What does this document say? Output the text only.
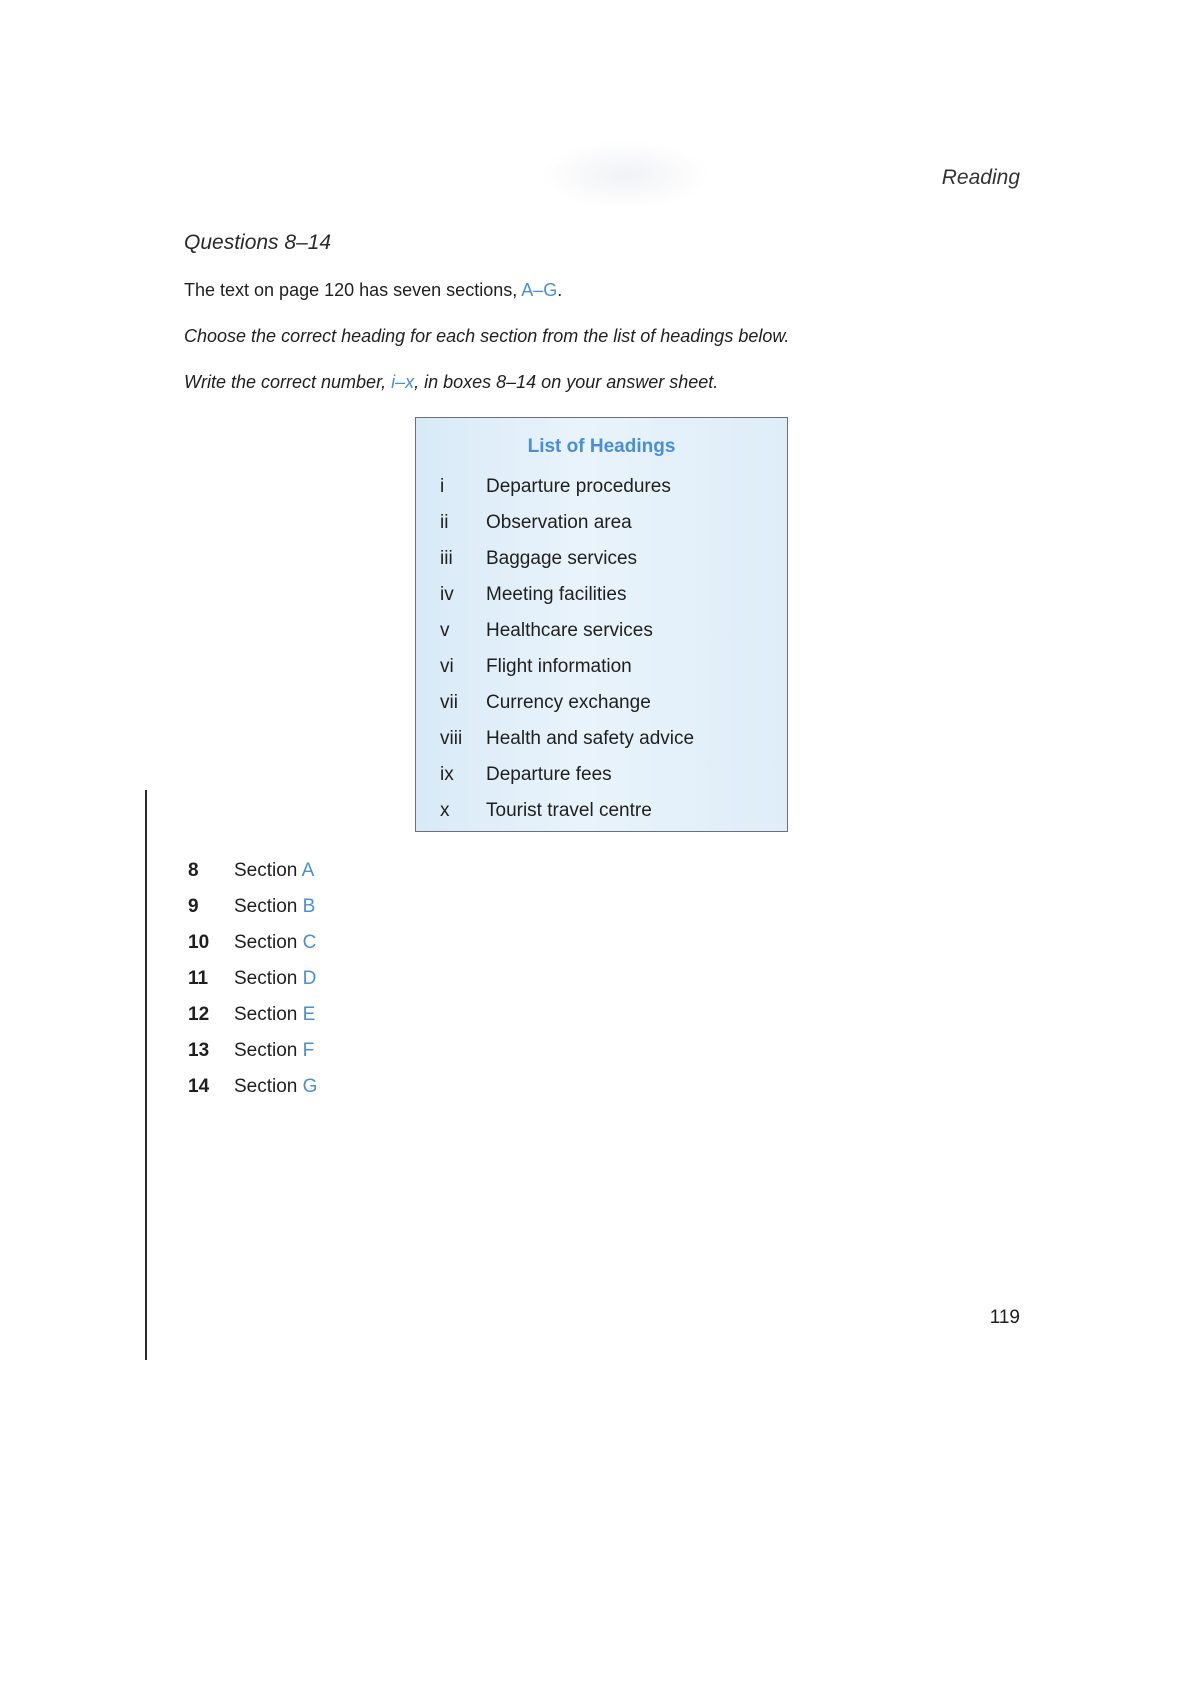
Reading
Questions 8–14
The text on page 120 has seven sections, A–G.
Choose the correct heading for each section from the list of headings below.
Write the correct number, i–x, in boxes 8–14 on your answer sheet.
List of Headings
i	Departure procedures
ii	Observation area
iii	Baggage services
iv	Meeting facilities
v	Healthcare services
vi	Flight information
vii	Currency exchange
viii	Health and safety advice
ix	Departure fees
x	Tourist travel centre
8	Section A
9	Section B
10	Section C
11	Section D
12	Section E
13	Section F
14	Section G
119
